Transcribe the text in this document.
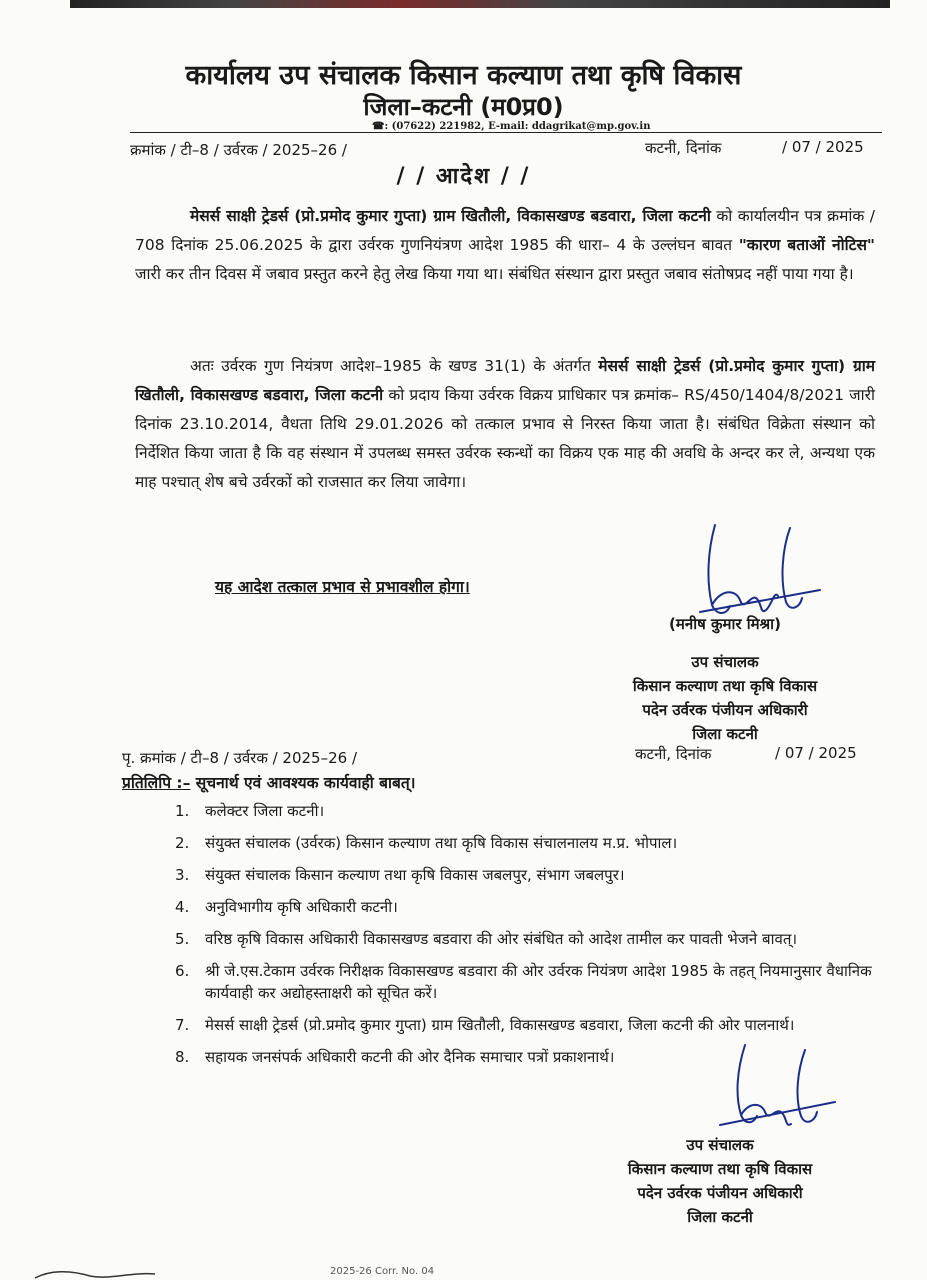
कार्यालय उप संचालक किसान कल्याण तथा कृषि विकास
जिला–कटनी (म0प्र0)
☎: (07622) 221982, E-mail: ddagrikat@mp.gov.in
क्रमांक / टी–8 / उर्वरक / 2025–26 /	कटनी, दिनांक	/ 07 / 2025
/ / आदेश / /

मेसर्स साक्षी ट्रेडर्स (प्रो.प्रमोद कुमार गुप्ता) ग्राम खितौली, विकासखण्ड बडवारा, जिला कटनी को कार्यालयीन पत्र क्रमांक / 708 दिनांक 25.06.2025 के द्वारा उर्वरक गुणनियंत्रण आदेश 1985 की धारा– 4 के उल्लंघन बावत "कारण बताओं नोटिस" जारी कर तीन दिवस में जबाव प्रस्तुत करने हेतु लेख किया गया था। संबंधित संस्थान द्वारा प्रस्तुत जबाव संतोषप्रद नहीं पाया गया है।

अतः उर्वरक गुण नियंत्रण आदेश–1985 के खण्ड 31(1) के अंतर्गत मेसर्स साक्षी ट्रेडर्स (प्रो.प्रमोद कुमार गुप्ता) ग्राम खितौली, विकासखण्ड बडवारा, जिला कटनी को प्रदाय किया उर्वरक विक्रय प्राधिकार पत्र क्रमांक– RS/450/1404/8/2021 जारी दिनांक 23.10.2014, वैधता तिथि 29.01.2026 को तत्काल प्रभाव से निरस्त किया जाता है। संबंधित विक्रेता संस्थान को निर्देशित किया जाता है कि वह संस्थान में उपलब्ध समस्त उर्वरक स्कन्धों का विक्रय एक माह की अवधि के अन्दर कर ले, अन्यथा एक माह पश्चात् शेष बचे उर्वरकों को राजसात कर लिया जावेगा।

यह आदेश तत्काल प्रभाव से प्रभावशील होगा।
(मनीष कुमार मिश्रा)
उप संचालक
किसान कल्याण तथा कृषि विकास
पदेन उर्वरक पंजीयन अधिकारी
जिला कटनी
पृ. क्रमांक / टी–8 / उर्वरक / 2025–26 /	कटनी, दिनांक	/ 07 / 2025
प्रतिलिपि :– सूचनार्थ एवं आवश्यक कार्यवाही बाबत्।
1. कलेक्टर जिला कटनी।
2. संयुक्त संचालक (उर्वरक) किसान कल्याण तथा कृषि विकास संचालनालय म.प्र. भोपाल।
3. संयुक्त संचालक किसान कल्याण तथा कृषि विकास जबलपुर, संभाग जबलपुर।
4. अनुविभागीय कृषि अधिकारी कटनी।
5. वरिष्ठ कृषि विकास अधिकारी विकासखण्ड बडवारा की ओर संबंधित को आदेश तामील कर पावती भेजने बावत्।
6. श्री जे.एस.टेकाम उर्वरक निरीक्षक विकासखण्ड बडवारा की ओर उर्वरक नियंत्रण आदेश 1985 के तहत् नियमानुसार वैधानिक कार्यवाही कर अद्योहस्ताक्षरी को सूचित करें।
7. मेसर्स साक्षी ट्रेडर्स (प्रो.प्रमोद कुमार गुप्ता) ग्राम खितौली, विकासखण्ड बडवारा, जिला कटनी की ओर पालनार्थ।
8. सहायक जनसंपर्क अधिकारी कटनी की ओर दैनिक समाचार पत्रों प्रकाशनार्थ।
उप संचालक
किसान कल्याण तथा कृषि विकास
पदेन उर्वरक पंजीयन अधिकारी
जिला कटनी
2025-26 Corr. No. 04
